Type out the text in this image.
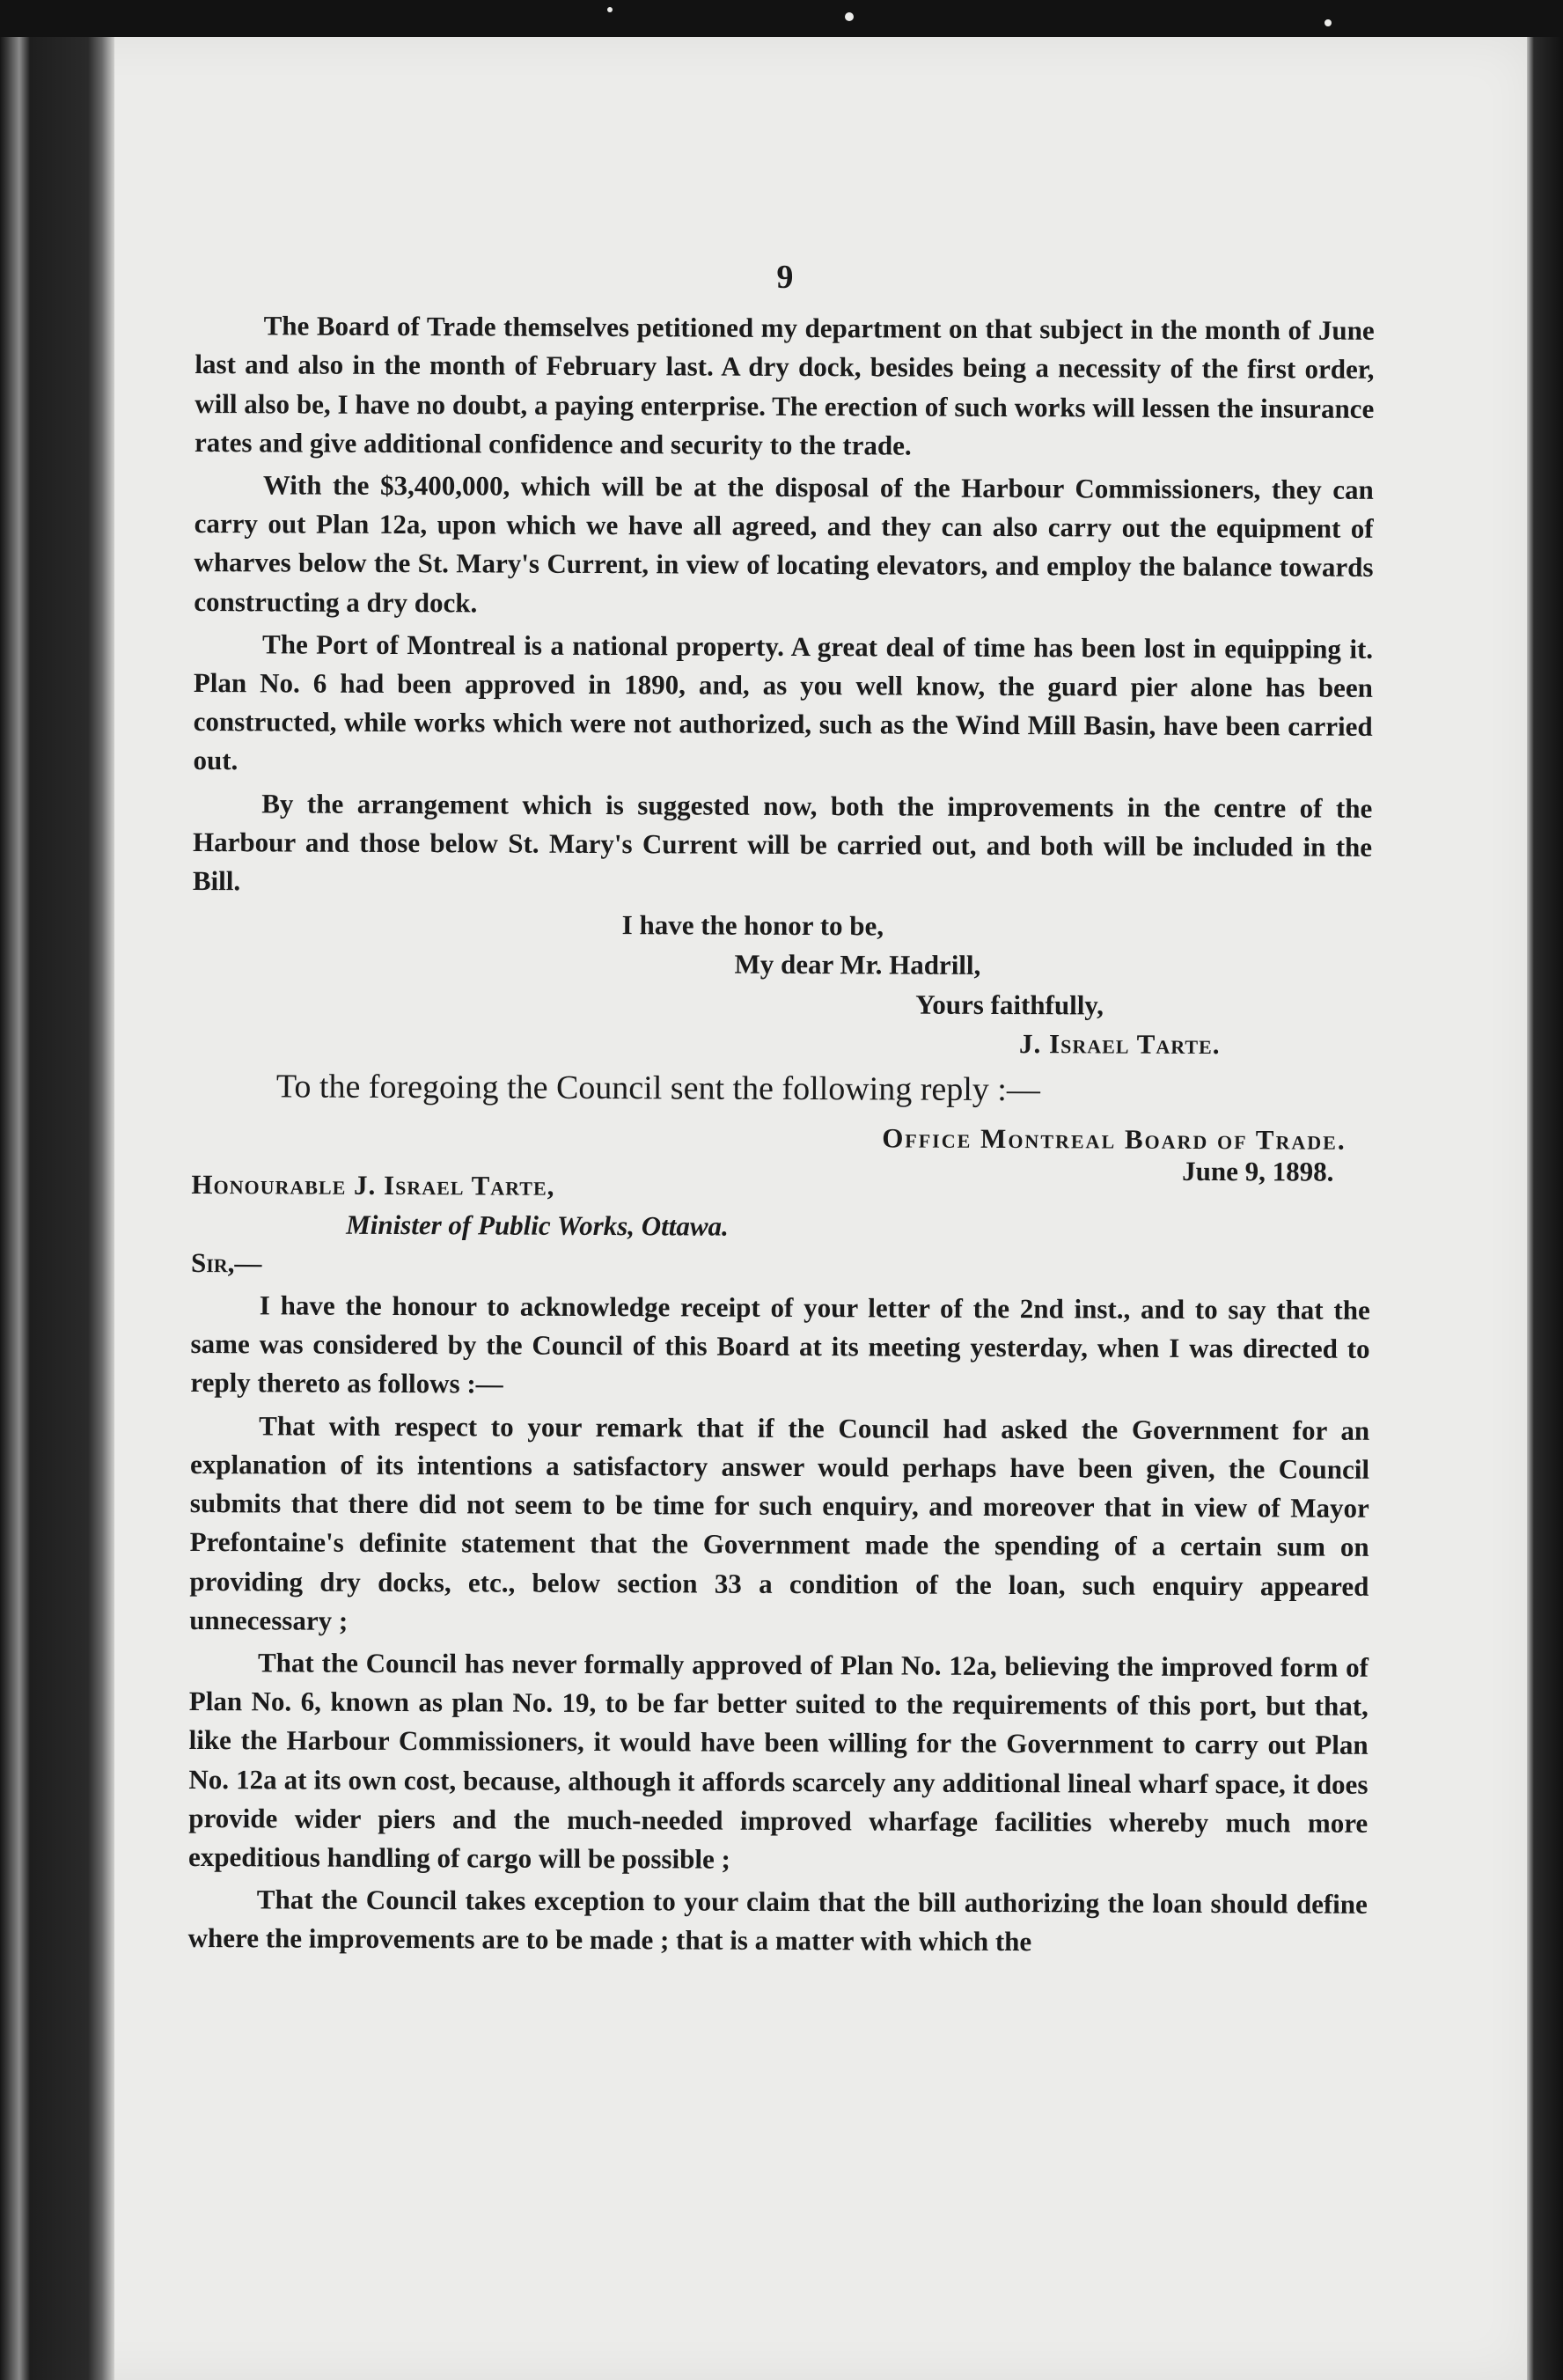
9

The Board of Trade themselves petitioned my department on that subject in the month of June last and also in the month of February last. A dry dock, besides being a necessity of the first order, will also be, I have no doubt, a paying enterprise. The erection of such works will lessen the insurance rates and give additional confidence and security to the trade.

With the $3,400,000, which will be at the disposal of the Harbour Commissioners, they can carry out Plan 12a, upon which we have all agreed, and they can also carry out the equipment of wharves below the St. Mary's Current, in view of locating elevators, and employ the balance towards constructing a dry dock.

The Port of Montreal is a national property. A great deal of time has been lost in equipping it. Plan No. 6 had been approved in 1890, and, as you well know, the guard pier alone has been constructed, while works which were not authorized, such as the Wind Mill Basin, have been carried out.

By the arrangement which is suggested now, both the improvements in the centre of the Harbour and those below St. Mary's Current will be carried out, and both will be included in the Bill.

I have the honor to be,
My dear Mr. Hadrill,
Yours faithfully,
J. Israel Tarte.
To the foregoing the Council sent the following reply :—
Office Montreal Board of Trade.
June 9, 1898.
Honourable J. Israel Tarte,
Minister of Public Works, Ottawa.
Sir,—

I have the honour to acknowledge receipt of your letter of the 2nd inst., and to say that the same was considered by the Council of this Board at its meeting yesterday, when I was directed to reply thereto as follows :—

That with respect to your remark that if the Council had asked the Government for an explanation of its intentions a satisfactory answer would perhaps have been given, the Council submits that there did not seem to be time for such enquiry, and moreover that in view of Mayor Prefontaine's definite statement that the Government made the spending of a certain sum on providing dry docks, etc., below section 33 a condition of the loan, such enquiry appeared unnecessary ;

That the Council has never formally approved of Plan No. 12a, believing the improved form of Plan No. 6, known as plan No. 19, to be far better suited to the requirements of this port, but that, like the Harbour Commissioners, it would have been willing for the Government to carry out Plan No. 12a at its own cost, because, although it affords scarcely any additional lineal wharf space, it does provide wider piers and the much-needed improved wharfage facilities whereby much more expeditious handling of cargo will be possible ;

That the Council takes exception to your claim that the bill authorizing the loan should define where the improvements are to be made ; that is a matter with which the
